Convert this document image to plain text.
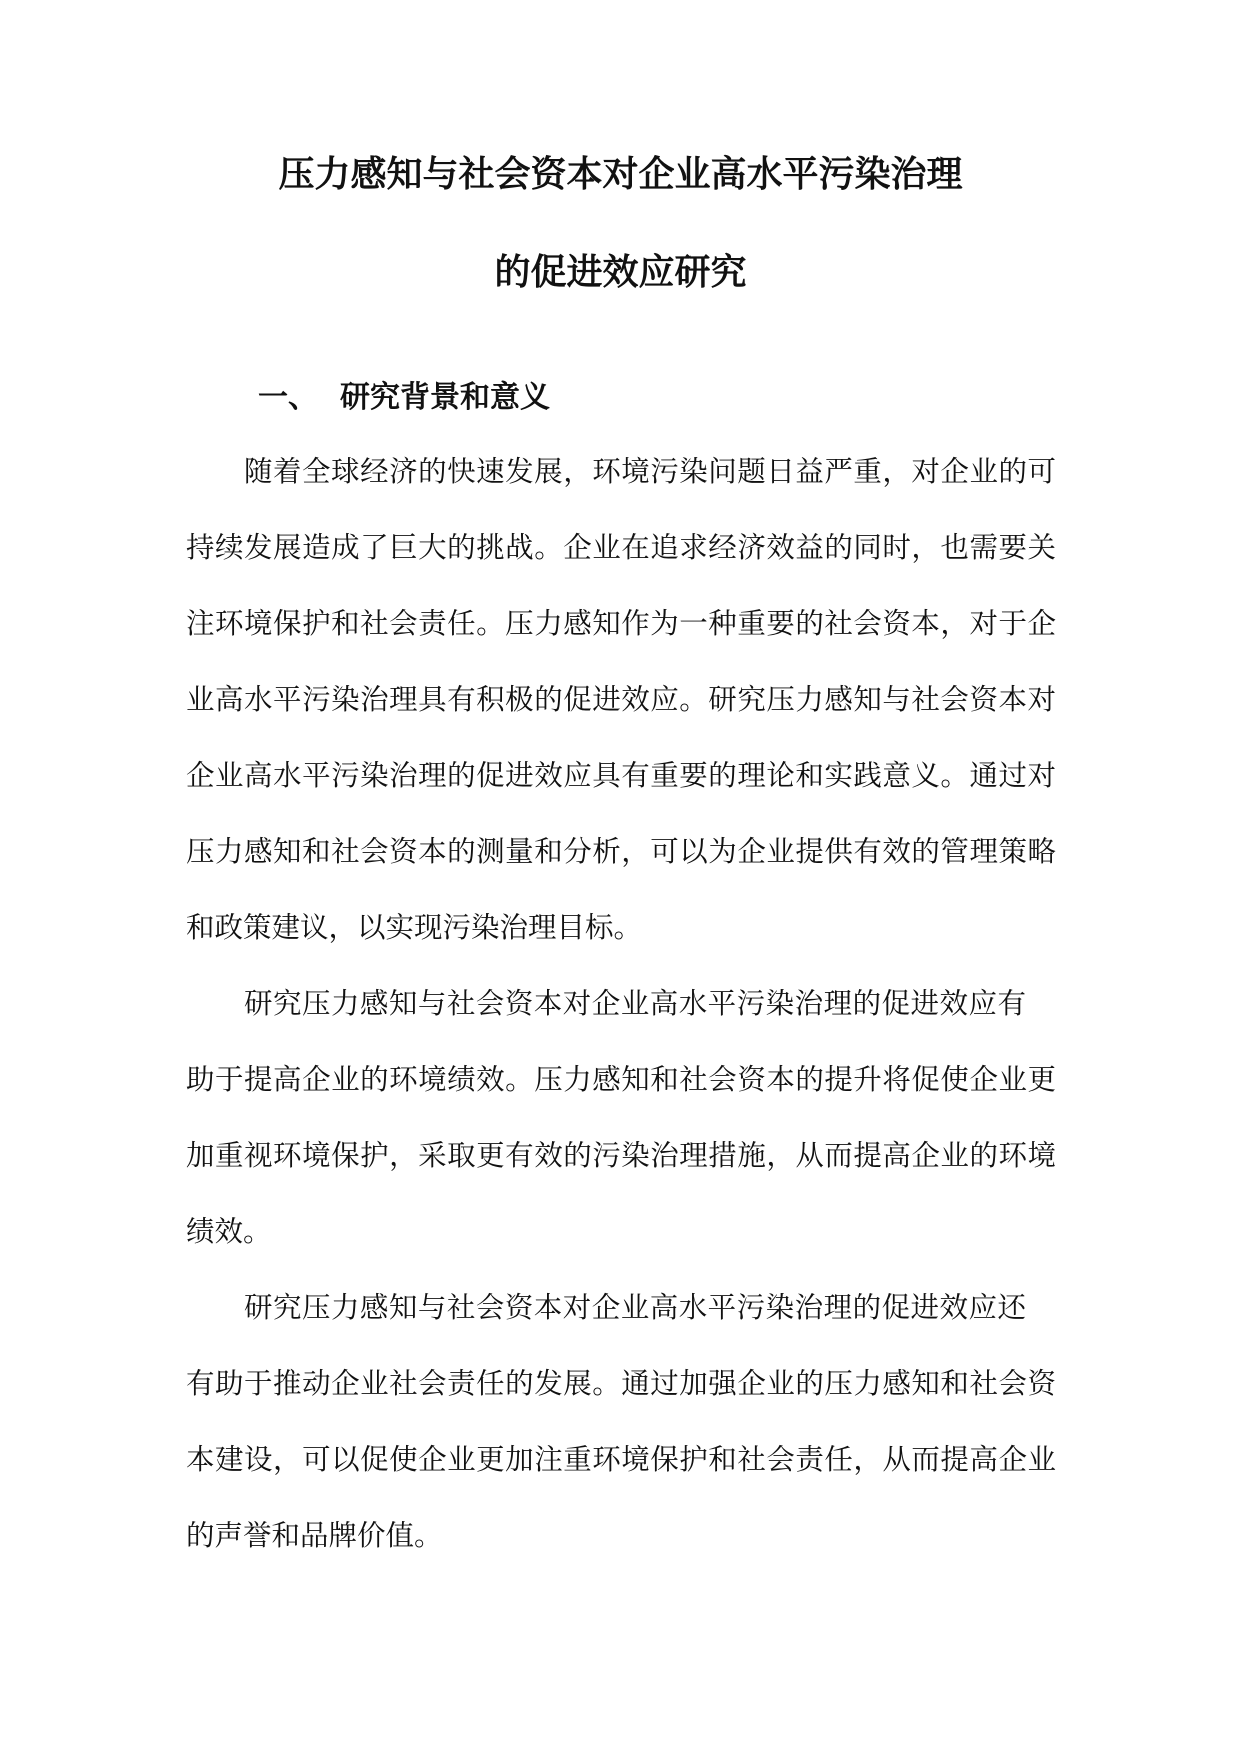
压力感知与社会资本对企业高水平污染治理
的促进效应研究
一、 研究背景和意义
随着全球经济的快速发展，环境污染问题日益严重，对企业的可
持续发展造成了巨大的挑战。企业在追求经济效益的同时，也需要关
注环境保护和社会责任。压力感知作为一种重要的社会资本，对于企
业高水平污染治理具有积极的促进效应。研究压力感知与社会资本对
企业高水平污染治理的促进效应具有重要的理论和实践意义。通过对
压力感知和社会资本的测量和分析，可以为企业提供有效的管理策略
和政策建议，以实现污染治理目标。
研究压力感知与社会资本对企业高水平污染治理的促进效应有
助于提高企业的环境绩效。压力感知和社会资本的提升将促使企业更
加重视环境保护，采取更有效的污染治理措施，从而提高企业的环境
绩效。
研究压力感知与社会资本对企业高水平污染治理的促进效应还
有助于推动企业社会责任的发展。通过加强企业的压力感知和社会资
本建设，可以促使企业更加注重环境保护和社会责任，从而提高企业
的声誉和品牌价值。
